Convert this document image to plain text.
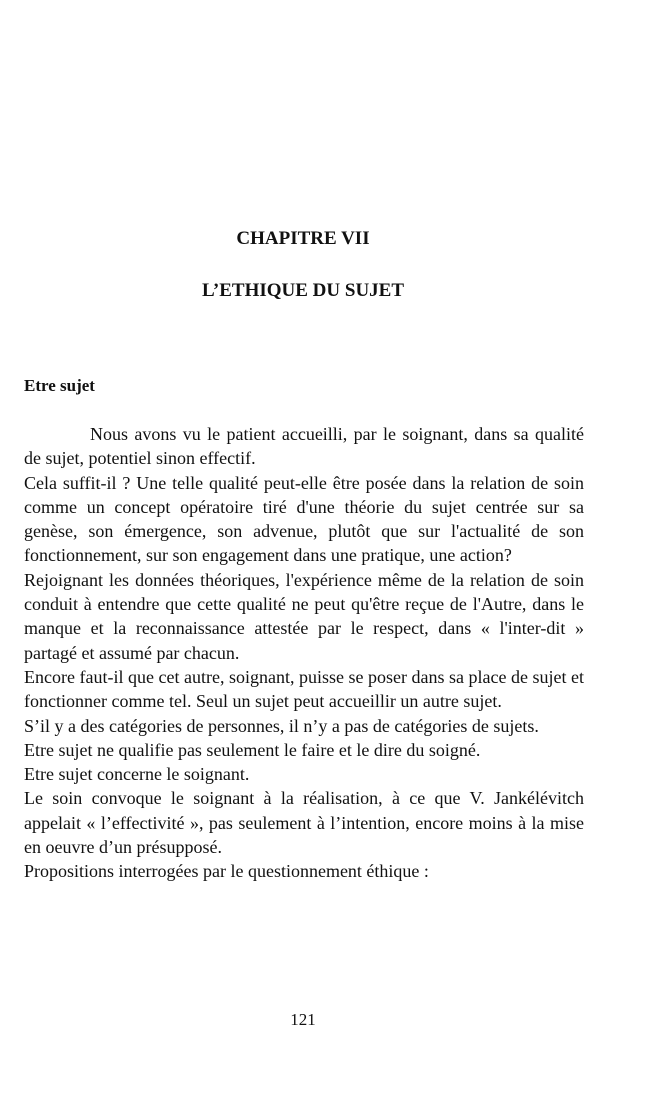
CHAPITRE VII
L’ETHIQUE DU SUJET
Etre sujet

Nous avons vu le patient accueilli, par le soignant, dans sa qualité de sujet, potentiel sinon effectif.

Cela suffit-il ? Une telle qualité peut-elle être posée dans la relation de soin comme un concept opératoire tiré d'une théorie du sujet centrée sur sa genèse, son émergence, son advenue, plutôt que sur l'actualité de son fonctionnement, sur son engagement dans une pratique, une action?

Rejoignant les données théoriques, l'expérience même de la relation de soin conduit à entendre que cette qualité ne peut qu'être reçue de l'Autre, dans le manque et la reconnaissance attestée par le respect, dans « l'inter-dit » partagé et assumé par chacun.

Encore faut-il que cet autre, soignant, puisse se poser dans sa place de sujet et fonctionner comme tel. Seul un sujet peut accueillir un autre sujet.

S’il y a des catégories de personnes, il n’y a pas de catégories de sujets.

Etre sujet ne qualifie pas seulement le faire et le dire du soigné.

Etre sujet concerne le soignant.

Le soin convoque le soignant à la réalisation, à ce que V. Jankélévitch appelait « l’effectivité », pas seulement à l’intention, encore moins à la mise en oeuvre d’un présupposé.

Propositions interrogées par le questionnement éthique :

121
